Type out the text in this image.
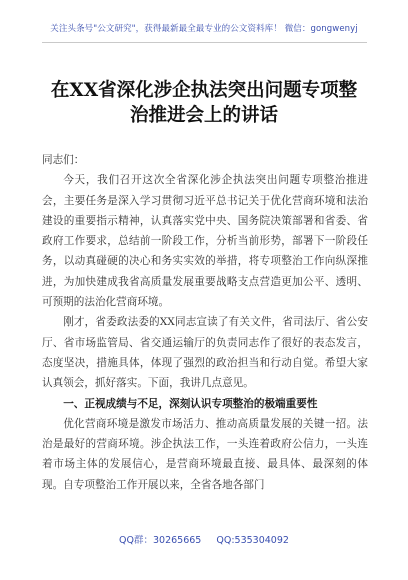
关注头条号"公文研究"，获得最新最全最专业的公文资料库！ 微信：gongwenyj
在XX省深化涉企执法突出问题专项整
治推进会上的讲话

同志们：

今天，我们召开这次全省深化涉企执法突出问题专项整治推进会，主要任务是深入学习贯彻习近平总书记关于优化营商环境和法治建设的重要指示精神，认真落实党中央、国务院决策部署和省委、省政府工作要求，总结前一阶段工作，分析当前形势，部署下一阶段任务，以动真碰硬的决心和务实实效的举措，将专项整治工作向纵深推进，为加快建成我省高质量发展重要战略支点营造更加公平、透明、可预期的法治化营商环境。

刚才，省委政法委的XX同志宣读了有关文件，省司法厅、省公安厅、省市场监管局、省交通运输厅的负责同志作了很好的表态发言，态度坚决，措施具体，体现了强烈的政治担当和行动自觉。希望大家认真领会，抓好落实。下面，我讲几点意见。

一、正视成绩与不足，深刻认识专项整治的极端重要性

优化营商环境是激发市场活力、推动高质量发展的关键一招。法治是最好的营商环境。涉企执法工作，一头连着政府公信力，一头连着市场主体的发展信心，是营商环境最直接、最具体、最深刻的体现。自专项整治工作开展以来，全省各地各部门

QQ群：30265665 QQ:535304092
